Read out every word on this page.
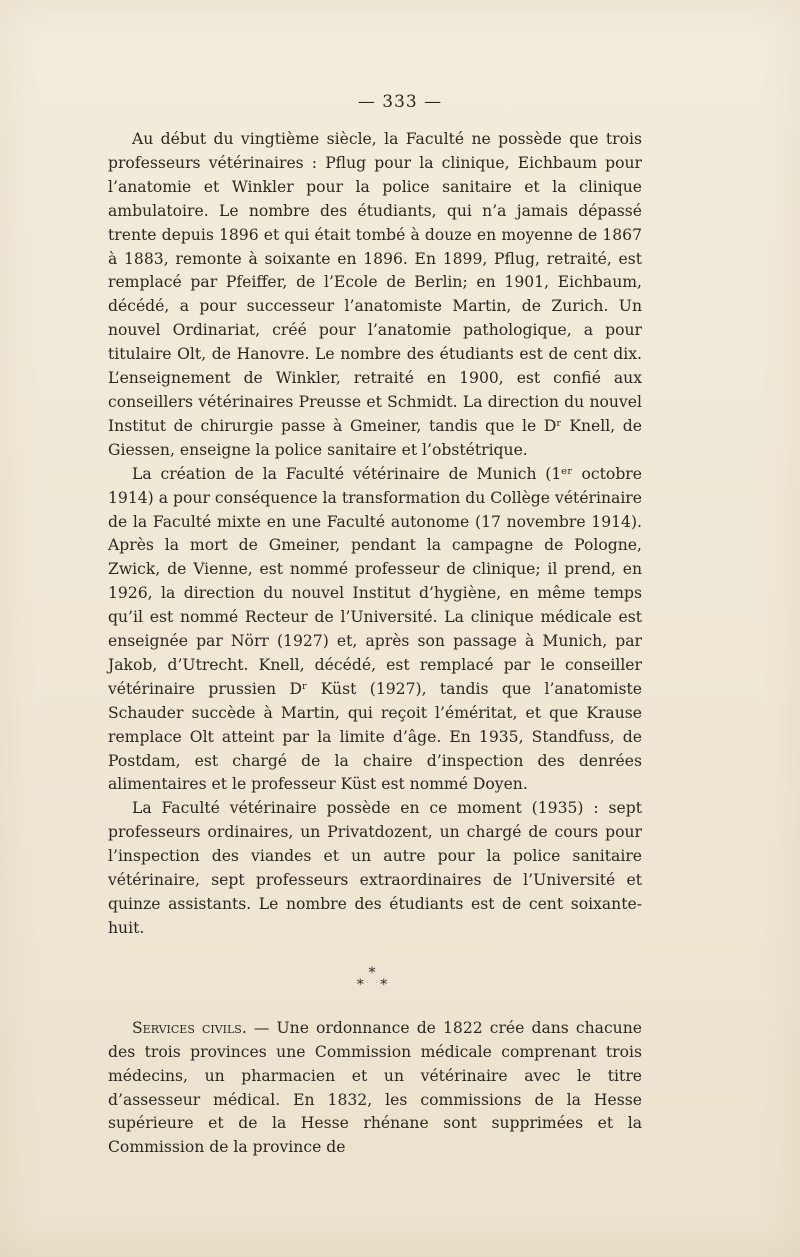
— 333 —

Au début du vingtième siècle, la Faculté ne possède que trois professeurs vétérinaires : Pflug pour la clinique, Eichbaum pour l’anatomie et Winkler pour la police sanitaire et la clinique ambulatoire. Le nombre des étudiants, qui n’a jamais dépassé trente depuis 1896 et qui était tombé à douze en moyenne de 1867 à 1883, remonte à soixante en 1896. En 1899, Pflug, retraité, est remplacé par Pfeiffer, de l’Ecole de Berlin; en 1901, Eichbaum, décédé, a pour successeur l’anatomiste Martin, de Zurich. Un nouvel Ordinariat, créé pour l’anatomie pathologique, a pour titulaire Olt, de Hanovre. Le nombre des étudiants est de cent dix. L’enseignement de Winkler, retraité en 1900, est confié aux conseillers vétérinaires Preusse et Schmidt. La direction du nouvel Institut de chirurgie passe à Gmeiner, tandis que le Dʳ Knell, de Giessen, enseigne la police sanitaire et l’obstétrique.

La création de la Faculté vétérinaire de Munich (1ᵉʳ octobre 1914) a pour conséquence la transformation du Collège vétérinaire de la Faculté mixte en une Faculté autonome (17 novembre 1914). Après la mort de Gmeiner, pendant la campagne de Pologne, Zwick, de Vienne, est nommé professeur de clinique; il prend, en 1926, la direction du nouvel Institut d’hygiène, en même temps qu’il est nommé Recteur de l’Université. La clinique médicale est enseignée par Nörr (1927) et, après son passage à Munich, par Jakob, d’Utrecht. Knell, décédé, est remplacé par le conseiller vétérinaire prussien Dʳ Küst (1927), tandis que l’anatomiste Schauder succède à Martin, qui reçoit l’éméritat, et que Krause remplace Olt atteint par la limite d’âge. En 1935, Standfuss, de Postdam, est chargé de la chaire d’inspection des denrées alimentaires et le professeur Küst est nommé Doyen.

La Faculté vétérinaire possède en ce moment (1935) : sept professeurs ordinaires, un Privatdozent, un chargé de cours pour l’inspection des viandes et un autre pour la police sanitaire vétérinaire, sept professeurs extraordinaires de l’Université et quinze assistants. Le nombre des étudiants est de cent soixante-huit.

*
* *

Services civils. — Une ordonnance de 1822 crée dans chacune des trois provinces une Commission médicale comprenant trois médecins, un pharmacien et un vétérinaire avec le titre d’assesseur médical. En 1832, les commissions de la Hesse supérieure et de la Hesse rhénane sont supprimées et la Commission de la province de
